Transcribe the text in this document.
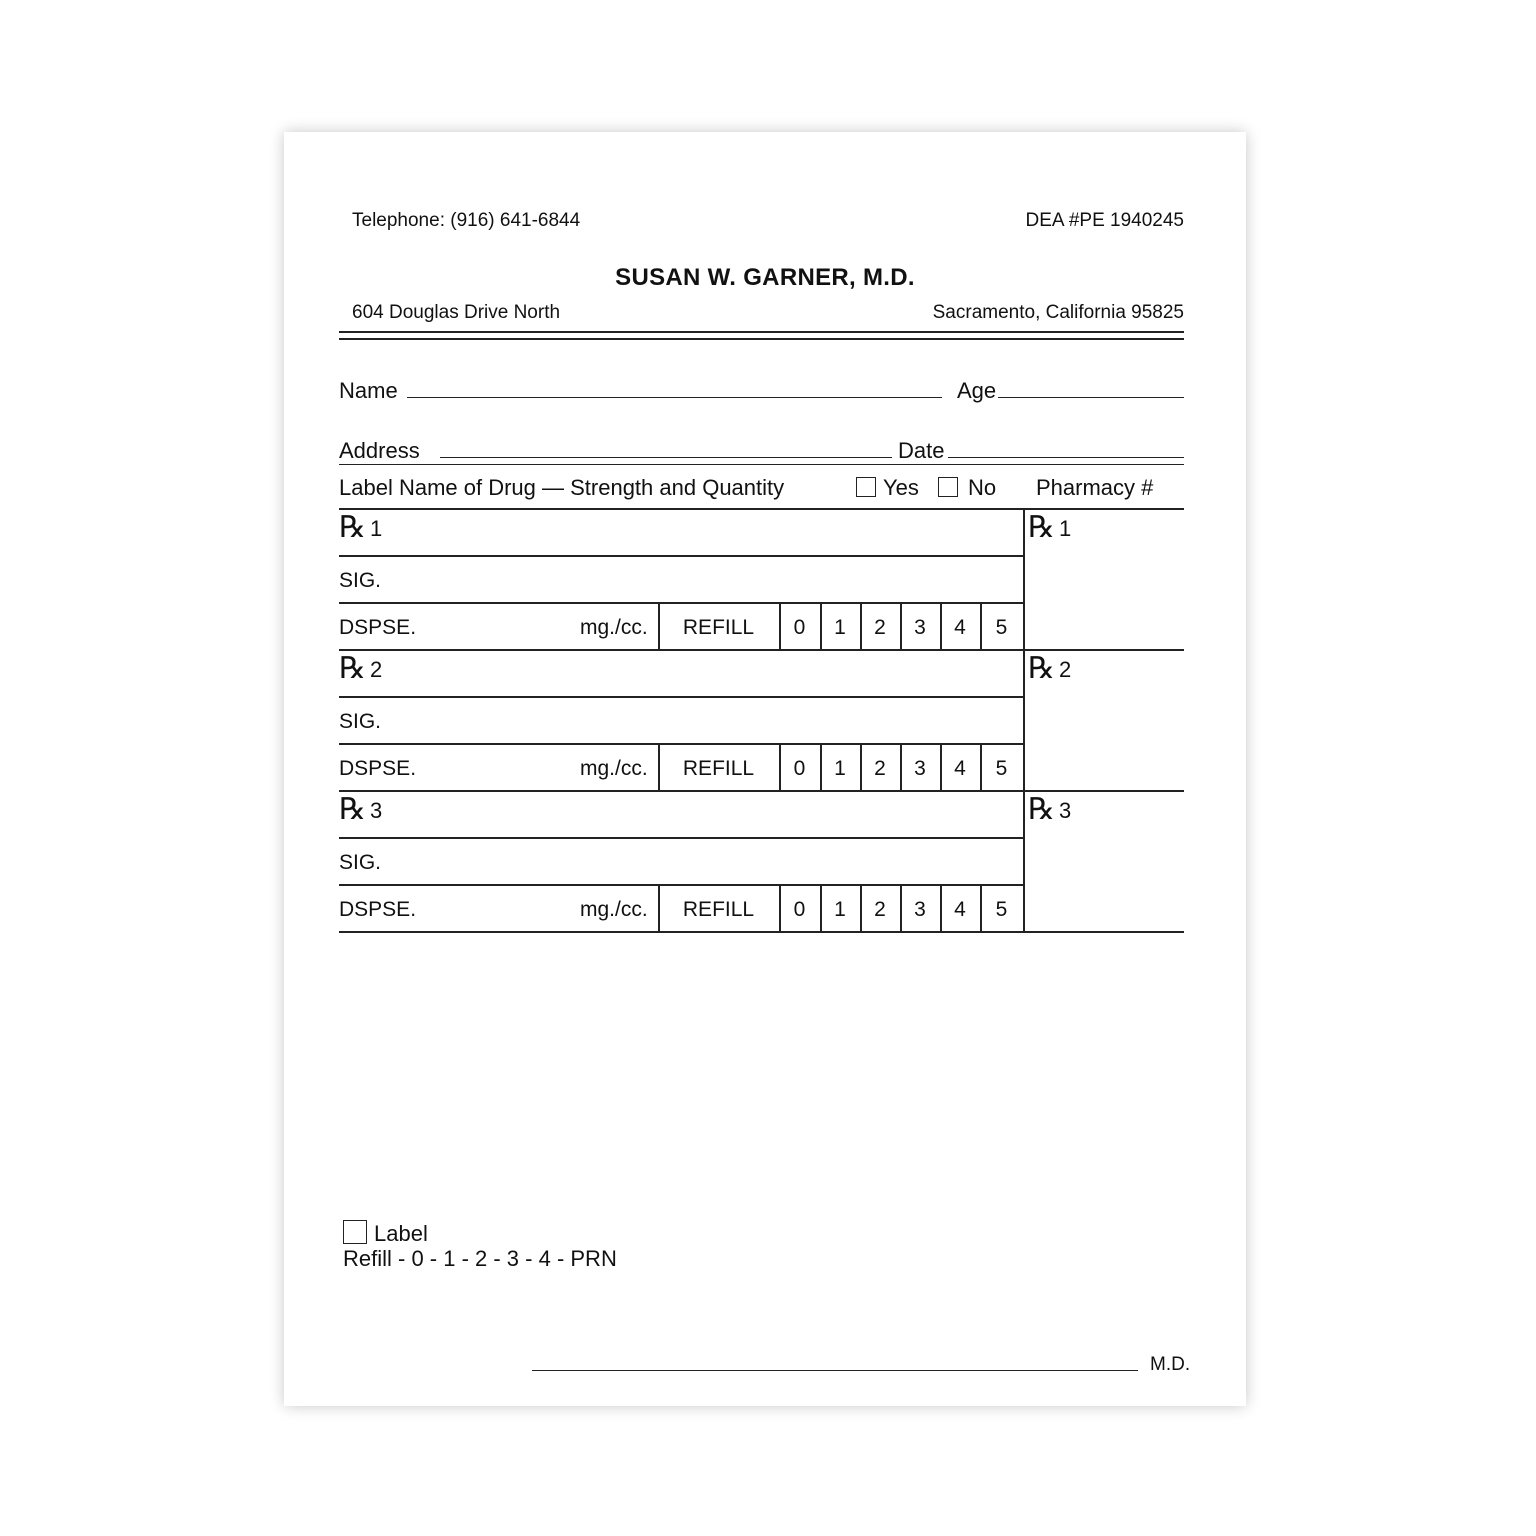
Telephone: (916) 641-6844	DEA #PE 1940245
SUSAN W. GARNER, M.D.
604 Douglas Drive North	Sacramento, California 95825
Name	Age
Address	Date
Label Name of Drug — Strength and Quantity	Yes No Pharmacy #
℞ 1
SIG.
DSPSE.	mg./cc.	REFILL	0	1	2	3	4	5
℞ 1
℞ 2
SIG.
DSPSE.	mg./cc.	REFILL	0	1	2	3	4	5
℞ 2
℞ 3
SIG.
DSPSE.	mg./cc.	REFILL	0	1	2	3	4	5
℞ 3
Label
Refill - 0 - 1 - 2 - 3 - 4 - PRN
M.D.
